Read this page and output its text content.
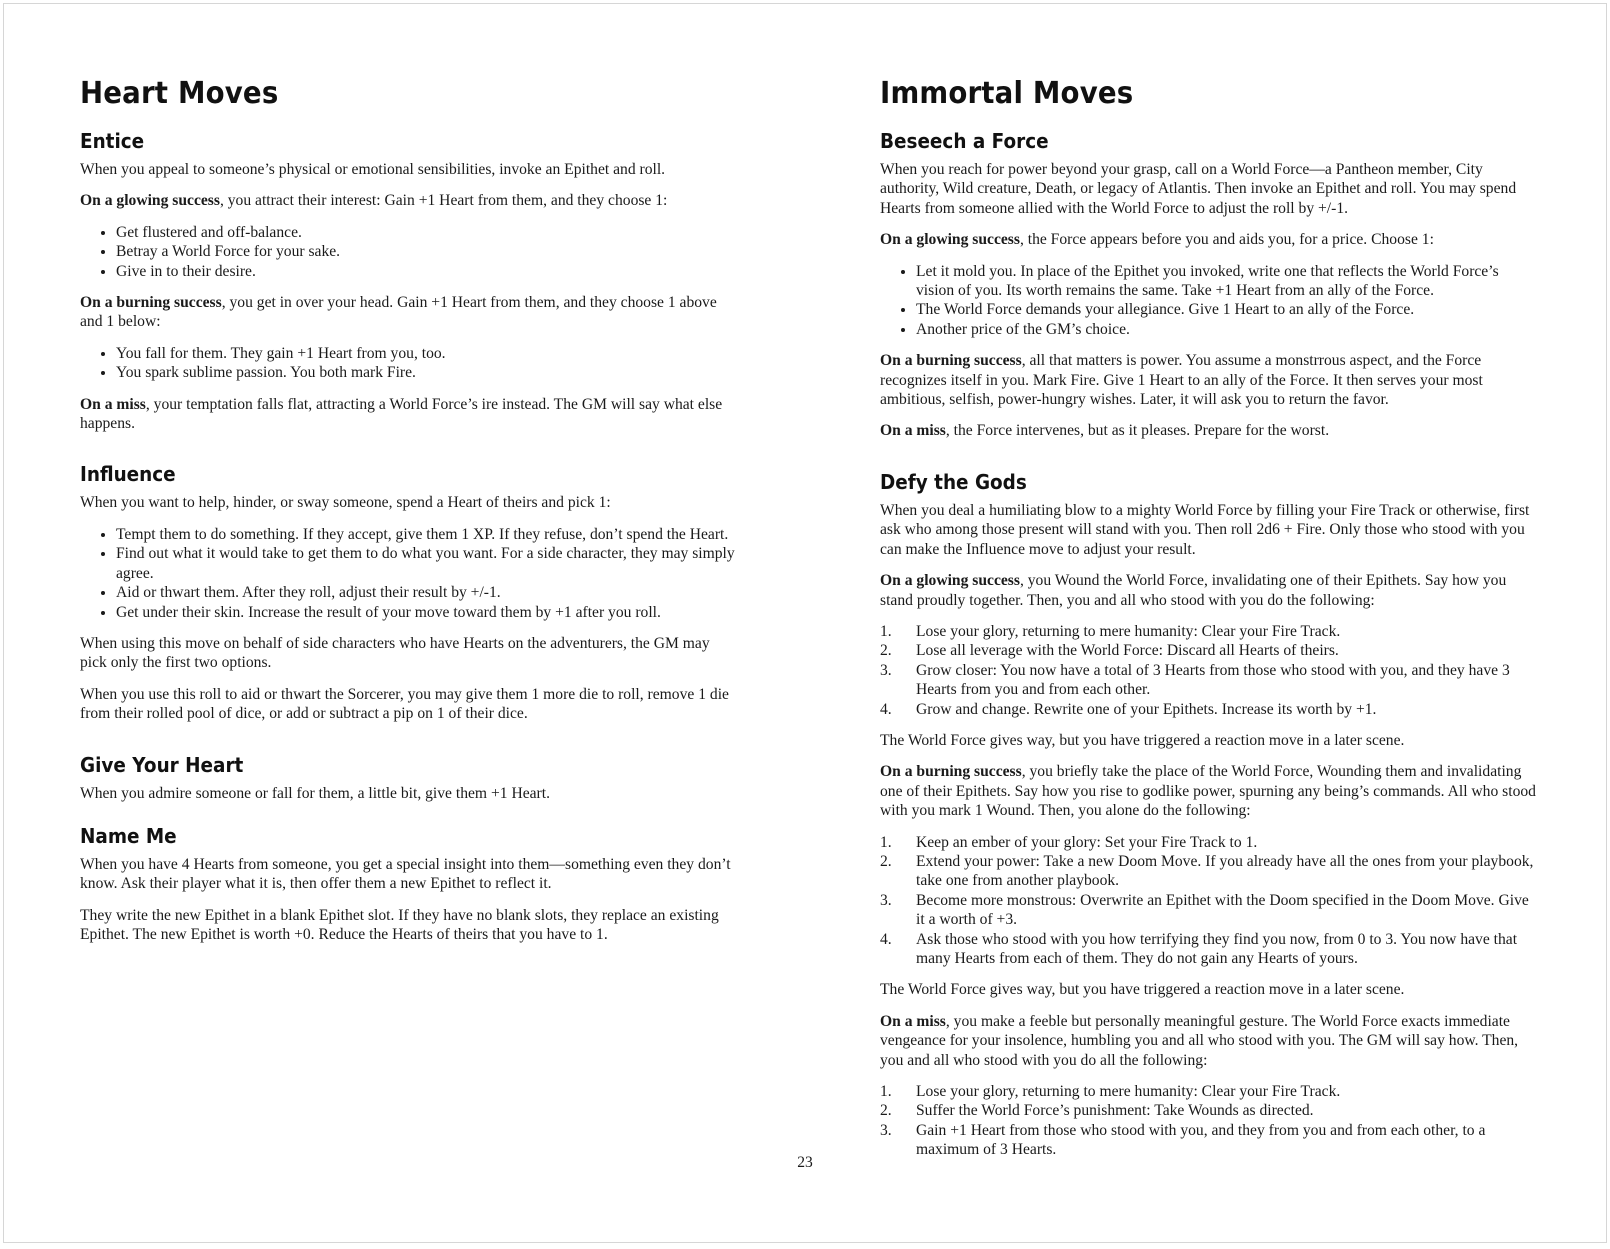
Heart Moves
Entice

When you appeal to someone’s physical or emotional sensibilities, invoke an Epithet and roll.

On a glowing success, you attract their interest: Gain +1 Heart from them, and they choose 1:

• Get flustered and off-balance.
• Betray a World Force for your sake.
• Give in to their desire.

On a burning success, you get in over your head. Gain +1 Heart from them, and they choose 1 above and 1 below:

• You fall for them. They gain +1 Heart from you, too.
• You spark sublime passion. You both mark Fire.

On a miss, your temptation falls flat, attracting a World Force’s ire instead. The GM will say what else happens.

Influence

When you want to help, hinder, or sway someone, spend a Heart of theirs and pick 1:

• Tempt them to do something. If they accept, give them 1 XP. If they refuse, don’t spend the Heart.
• Find out what it would take to get them to do what you want. For a side character, they may simply agree.
• Aid or thwart them. After they roll, adjust their result by +/-1.
• Get under their skin. Increase the result of your move toward them by +1 after you roll.

When using this move on behalf of side characters who have Hearts on the adventurers, the GM may pick only the first two options.

When you use this roll to aid or thwart the Sorcerer, you may give them 1 more die to roll, remove 1 die from their rolled pool of dice, or add or subtract a pip on 1 of their dice.

Give Your Heart

When you admire someone or fall for them, a little bit, give them +1 Heart.

Name Me

When you have 4 Hearts from someone, you get a special insight into them—something even they don’t know. Ask their player what it is, then offer them a new Epithet to reflect it.

They write the new Epithet in a blank Epithet slot. If they have no blank slots, they replace an existing Epithet. The new Epithet is worth +0. Reduce the Hearts of theirs that you have to 1.

Immortal Moves
Beseech a Force

When you reach for power beyond your grasp, call on a World Force—a Pantheon member, City authority, Wild creature, Death, or legacy of Atlantis. Then invoke an Epithet and roll. You may spend Hearts from someone allied with the World Force to adjust the roll by +/-1.

On a glowing success, the Force appears before you and aids you, for a price. Choose 1:

• Let it mold you. In place of the Epithet you invoked, write one that reflects the World Force’s vision of you. Its worth remains the same. Take +1 Heart from an ally of the Force.
• The World Force demands your allegiance. Give 1 Heart to an ally of the Force.
• Another price of the GM’s choice.

On a burning success, all that matters is power. You assume a monstrrous aspect, and the Force recognizes itself in you. Mark Fire. Give 1 Heart to an ally of the Force. It then serves your most ambitious, selfish, power-hungry wishes. Later, it will ask you to return the favor.

On a miss, the Force intervenes, but as it pleases. Prepare for the worst.

Defy the Gods

When you deal a humiliating blow to a mighty World Force by filling your Fire Track or otherwise, first ask who among those present will stand with you. Then roll 2d6 + Fire. Only those who stood with you can make the Influence move to adjust your result.

On a glowing success, you Wound the World Force, invalidating one of their Epithets. Say how you stand proudly together. Then, you and all who stood with you do the following:

Lose your glory, returning to mere humanity: Clear your Fire Track.
Lose all leverage with the World Force: Discard all Hearts of theirs.
Grow closer: You now have a total of 3 Hearts from those who stood with you, and they have 3 Hearts from you and from each other.
Grow and change. Rewrite one of your Epithets. Increase its worth by +1.

The World Force gives way, but you have triggered a reaction move in a later scene.

On a burning success, you briefly take the place of the World Force, Wounding them and invalidating one of their Epithets. Say how you rise to godlike power, spurning any being’s commands. All who stood with you mark 1 Wound. Then, you alone do the following:

Keep an ember of your glory: Set your Fire Track to 1.
Extend your power: Take a new Doom Move. If you already have all the ones from your playbook, take one from another playbook.
Become more monstrous: Overwrite an Epithet with the Doom specified in the Doom Move. Give it a worth of +3.
Ask those who stood with you how terrifying they find you now, from 0 to 3. You now have that many Hearts from each of them. They do not gain any Hearts of yours.

The World Force gives way, but you have triggered a reaction move in a later scene.

On a miss, you make a feeble but personally meaningful gesture. The World Force exacts immediate vengeance for your insolence, humbling you and all who stood with you. The GM will say how. Then, you and all who stood with you do all the following:

Lose your glory, returning to mere humanity: Clear your Fire Track.
Suffer the World Force’s punishment: Take Wounds as directed.
Gain +1 Heart from those who stood with you, and they from you and from each other, to a maximum of 3 Hearts.
23
